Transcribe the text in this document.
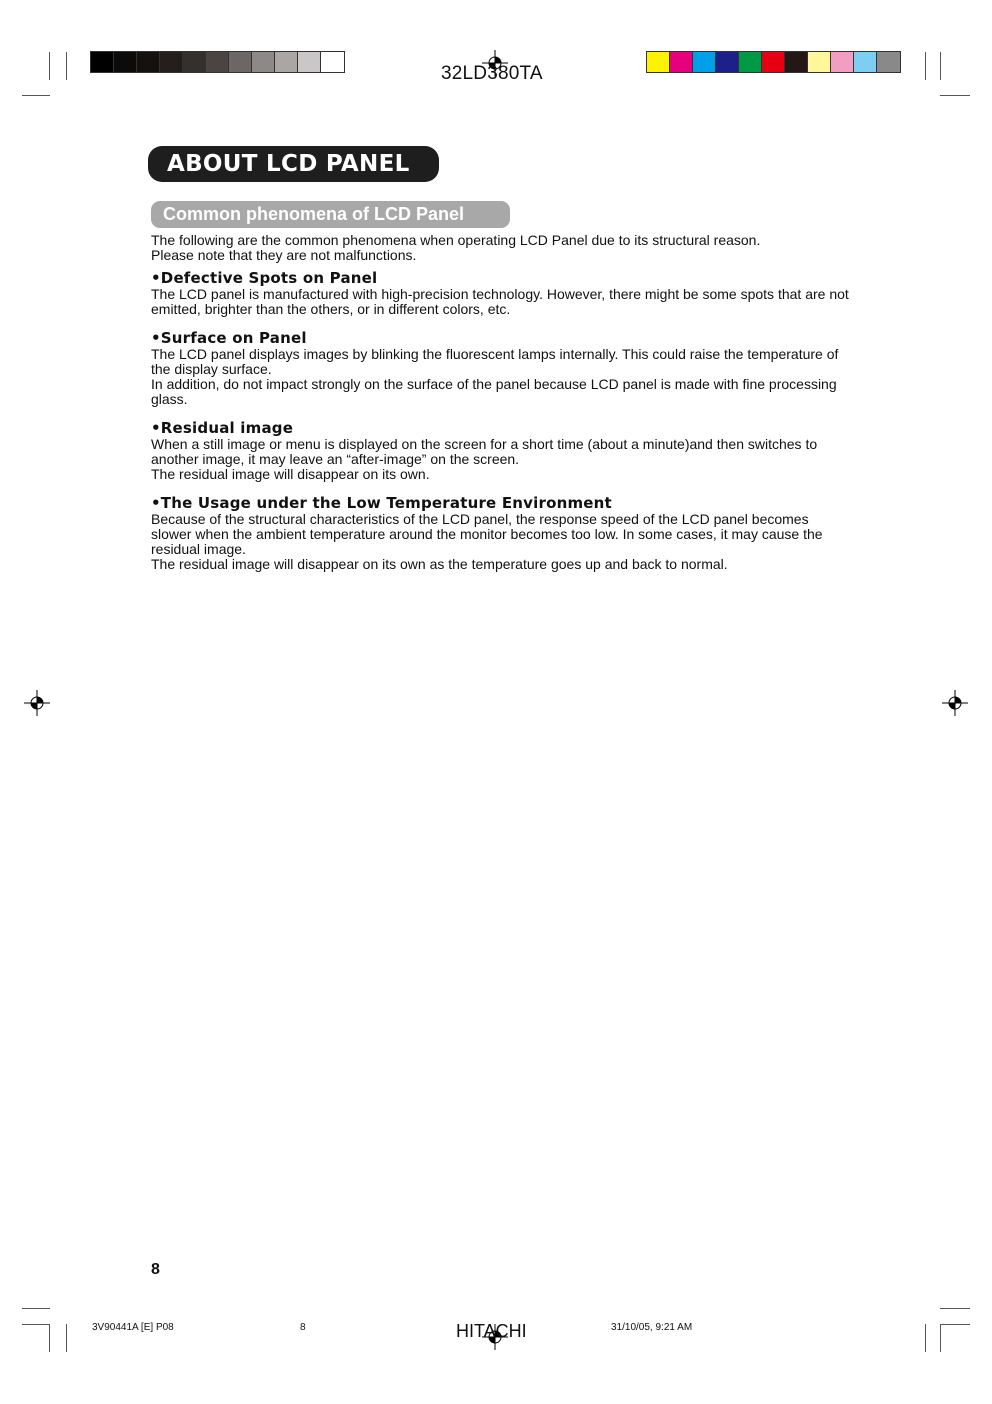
32LD380TA
ABOUT LCD PANEL
Common phenomena of LCD Panel

The following are the common phenomena when operating LCD Panel due to its structural reason.
Please note that they are not malfunctions.

•Defective Spots on Panel

The LCD panel is manufactured with high-precision technology. However, there might be some spots that are not emitted, brighter than the others, or in different colors, etc.

•Surface on Panel

The LCD panel displays images by blinking the fluorescent lamps internally. This could raise the temperature of the display surface.

In addition, do not impact strongly on the surface of the panel because LCD panel is made with fine processing glass.

•Residual image

When a still image or menu is displayed on the screen for a short time (about a minute)and then switches to another image, it may leave an “after-image” on the screen.

The residual image will disappear on its own.

•The Usage under the Low Temperature Environment

Because of the structural characteristics of the LCD panel, the response speed of the LCD panel becomes slower when the ambient temperature around the monitor becomes too low. In some cases, it may cause the residual image.

The residual image will disappear on its own as the temperature goes up and back to normal.

8
3V90441A [E] P08	8	HITACHI	31/10/05, 9:21 AM
